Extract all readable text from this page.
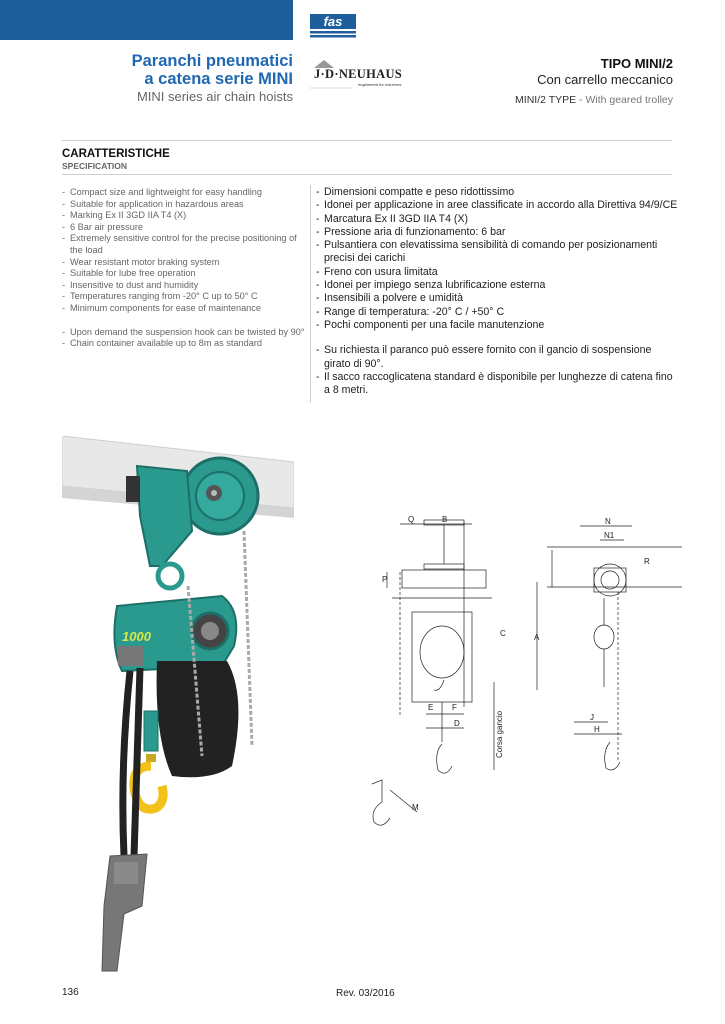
fas
Paranchi pneumatici
a catena serie MINI
MINI series air chain hoists
J·D·NEUHAUS
engineered for extremes
TIPO MINI/2
Con carrello meccanico
MINI/2 TYPE - With geared trolley
CARATTERISTICHE
SPECIFICATION
- Compact size and lightweight for easy handling
- Suitable for application in hazardous areas
- Marking Ex II 3GD IIA T4 (X)
- 6 Bar air pressure
- Extremely sensitive control for the precise positioning of the load
- Wear resistant motor braking system
- Suitable for lube free operation
- Insensitive to dust and humidity
- Temperatures ranging from -20° C up to 50° C
- Minimum components for ease of maintenance
- Upon demand the suspension hook can be twisted by 90°
- Chain container available up to 8m as standard
- Dimensioni compatte e peso ridottissimo
- Idonei per applicazione in aree classificate in accordo alla Direttiva 94/9/CE
- Marcatura Ex II 3GD IIA T4 (X)
- Pressione aria di funzionamento: 6 bar
- Pulsantiera con elevatissima sensibilità di comando per posizionamenti precisi dei carichi
- Freno con usura limitata
- Idonei per impiego senza lubrificazione esterna
- Insensibili a polvere e umidità
- Range di temperatura: -20° C / +50° C
- Pochi componenti per una facile manutenzione
- Su richiesta il paranco può essere fornito con il gancio di sospensione girato di 90°.
- Il sacco raccoglicatena standard è disponibile per lunghezze di catena fino a 8 metri.
1000
Q	B
P
C
E F
D	Corsa gancio
N
N1
R
A
J
H
M
136	Rev. 03/2016
